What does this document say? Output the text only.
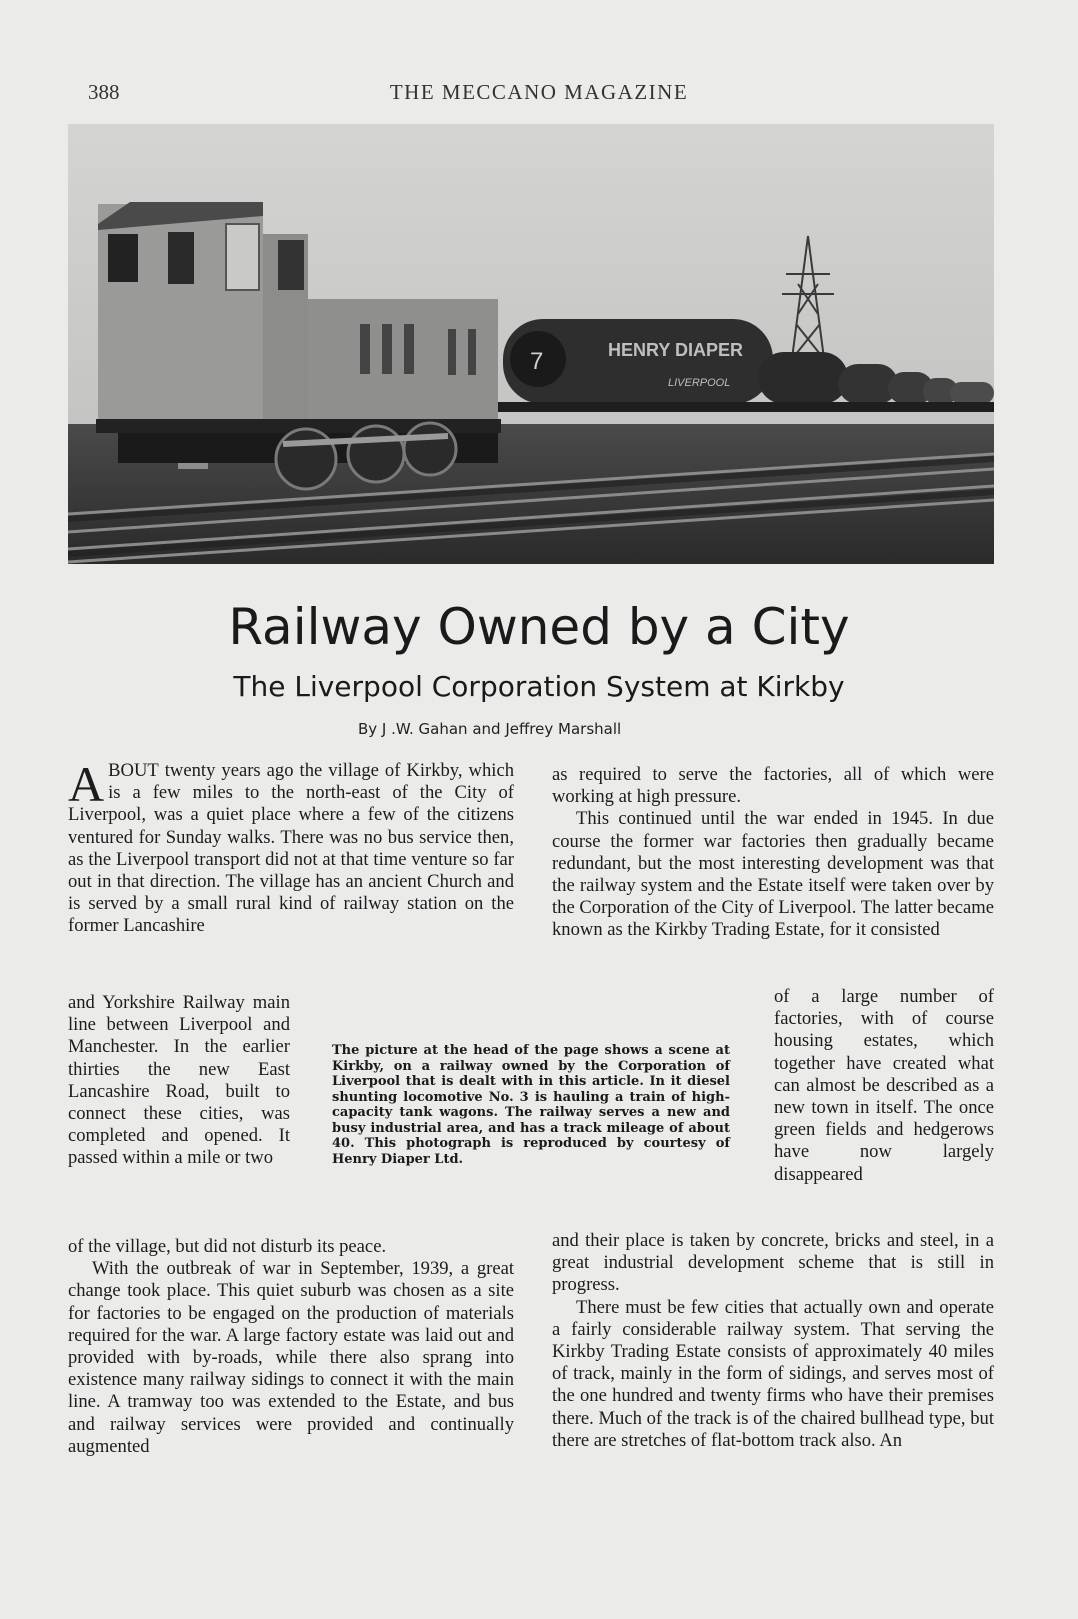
388	THE MECCANO MAGAZINE
7	HENRY DIAPER
LIVERPOOL
Railway Owned by a City
The Liverpool Corporation System at Kirkby
By J .W. Gahan and Jeffrey Marshall

ABOUT twenty years ago the village of Kirkby, which is a few miles to the north-east of the City of Liverpool, was a quiet place where a few of the citizens ventured for Sunday walks. There was no bus service then, as the Liverpool transport did not at that time venture so far out in that direction. The village has an ancient Church and is served by a small rural kind of railway station on the former Lancashire

and Yorkshire Railway main line between Liverpool and Manchester. In the earlier thirties the new East Lancashire Road, built to connect these cities, was completed and opened. It passed within a mile or two

of the village, but did not disturb its peace.

With the outbreak of war in September, 1939, a great change took place. This quiet suburb was chosen as a site for factories to be engaged on the production of materials required for the war. A large factory estate was laid out and provided with by-roads, while there also sprang into existence many railway sidings to connect it with the main line. A tramway too was extended to the Estate, and bus and railway services were provided and continually augmented

as required to serve the factories, all of which were working at high pressure.

This continued until the war ended in 1945. In due course the former war factories then gradually became redundant, but the most interesting development was that the railway system and the Estate itself were taken over by the Corporation of the City of Liverpool. The latter became known as the Kirkby Trading Estate, for it consisted

of a large number of factories, with of course housing estates, which together have created what can almost be described as a new town in itself. The once green fields and hedgerows have now largely disappeared

and their place is taken by concrete, bricks and steel, in a great industrial development scheme that is still in progress.

There must be few cities that actually own and operate a fairly considerable railway system. That serving the Kirkby Trading Estate consists of approximately 40 miles of track, mainly in the form of sidings, and serves most of the one hundred and twenty firms who have their premises there. Much of the track is of the chaired bullhead type, but there are stretches of flat-bottom track also. An

The picture at the head of the page shows a scene at Kirkby, on a railway owned by the Corporation of Liverpool that is dealt with in this article. In it diesel shunting locomotive No. 3 is hauling a train of high-capacity tank wagons. The railway serves a new and busy industrial area, and has a track mileage of about 40. This photograph is reproduced by courtesy of Henry Diaper Ltd.
